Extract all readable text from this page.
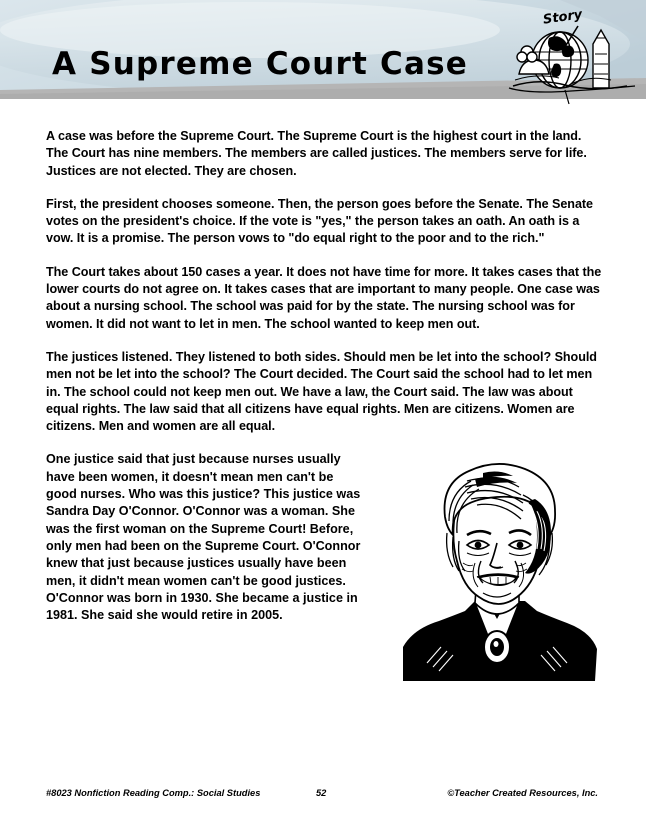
A Supreme Court Case
Story

A case was before the Supreme Court. The Supreme Court is the highest court in the land. The Court has nine members. The members are called justices. The members serve for life. Justices are not elected. They are chosen.

First, the president chooses someone. Then, the person goes before the Senate. The Senate votes on the president's choice. If the vote is "yes," the person takes an oath. An oath is a vow. It is a promise. The person vows to "do equal right to the poor and to the rich."

The Court takes about 150 cases a year. It does not have time for more. It takes cases that the lower courts do not agree on. It takes cases that are important to many people. One case was about a nursing school. The school was paid for by the state. The nursing school was for women. It did not want to let in men. The school wanted to keep men out.

The justices listened. They listened to both sides. Should men be let into the school? Should men not be let into the school? The Court decided. The Court said the school had to let men in. The school could not keep men out. We have a law, the Court said. The law was about equal rights. The law said that all citizens have equal rights. Men are citizens. Women are citizens. Men and women are all equal.

One justice said that just because nurses usually have been women, it doesn't mean men can't be good nurses. Who was this justice? This justice was Sandra Day O'Connor. O'Connor was a woman. She was the first woman on the Supreme Court! Before, only men had been on the Supreme Court. O'Connor knew that just because justices usually have been men, it didn't mean women can't be good justices. O'Connor was born in 1930. She became a justice in 1981. She said she would retire in 2005.

#8023 Nonfiction Reading Comp.: Social Studies	52	©Teacher Created Resources, Inc.
